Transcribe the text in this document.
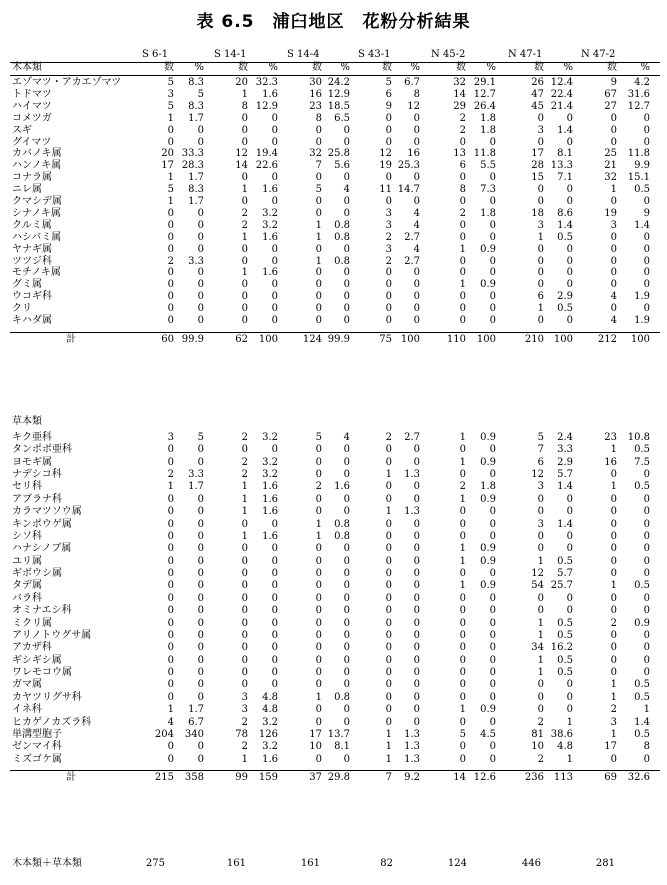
表 6.5　浦臼地区　花粉分析結果
S 6-1	S 14-1	S 14-4	S 43-1	N 45-2	N 47-1	N 47-2
数 %	数 %	数 %	数 %	数 %	数 %	数 %
木本類
エゾマツ・アカエゾマツ	5	8.3	20 32.3	30 24.2	5	6.7	32 29.1	26 12.4	9	4.2
トドマツ	3	5	1	1.6	16 12.9	6	8	14 12.7	47 22.4	67	31.6
ハイマツ	5	8.3	8 12.9	23 18.5	9	12	29 26.4	45 21.4	27	12.7
コメツガ	1	1.7	0	0	8	6.5	0	0	2	1.8	0	0	0	0
スギ	0	0	0	0	0	0	0	0	2	1.8	3	1.4	0	0
グイマツ	0	0	0	0	0	0	0	0	0	0	0	0	0	0
カバノキ属	20 33.3	12 19.4	32 25.8	12	16	13 11.8	17	8.1	25	11.8
ハンノキ属	17 28.3	14 22.6	7	5.6	19 25.3	6	5.5	28 13.3	21	9.9
コナラ属	1	1.7	0	0	0	0	0	0	0	0	15	7.1	32	15.1
ニレ属	5	8.3	1	1.6	5	4	11 14.7	8	7.3	0	0	1	0.5
クマシデ属	1	1.7	0	0	0	0	0	0	0	0	0	0	0	0
シナノキ属	0	0	2	3.2	0	0	3	4	2	1.8	18	8.6	19	9
クルミ属	0	0	2	3.2	1	0.8	3	4	0	0	3	1.4	3	1.4
ハシバミ属	0	0	1	1.6	1	0.8	2	2.7	0	0	1	0.5	0	0
ヤナギ属	0	0	0	0	0	0	3	4	1	0.9	0	0	0	0
ツツジ科	2	3.3	0	0	1	0.8	2	2.7	0	0	0	0	0	0
モチノキ属	0	0	1	1.6	0	0	0	0	0	0	0	0	0	0
グミ属	0	0	0	0	0	0	0	0	1	0.9	0	0	0	0
ウコギ科	0	0	0	0	0	0	0	0	0	0	6	2.9	4	1.9
クリ	0	0	0	0	0	0	0	0	0	0	1	0.5	0	0
キハダ属	0	0	0	0	0	0	0	0	0	0	0	0	4	1.9
計	60 99.9	62	100	124 99.9	75 100	110	100	210 100	212	100
草本類
キク亜科	3	5	2	3.2	5	4	2	2.7	1	0.9	5	2.4	23	10.8
タンポポ亜科	0	0	0	0	0	0	0	0	0	0	7	3.3	1	0.5
ヨモギ属	0	0	2	3.2	0	0	0	0	1	0.9	6	2.9	16	7.5
ナデシコ科	2	3.3	2	3.2	0	0	1	1.3	0	0	12	5.7	0	0
セリ科	1	1.7	1	1.6	2	1.6	0	0	2	1.8	3	1.4	1	0.5
アブラナ科	0	0	1	1.6	0	0	0	0	1	0.9	0	0	0	0
カラマツソウ属	0	0	1	1.6	0	0	1	1.3	0	0	0	0	0	0
キンポウゲ属	0	0	0	0	1	0.8	0	0	0	0	3	1.4	0	0
シソ科	0	0	1	1.6	1	0.8	0	0	0	0	0	0	0	0
ハナシノブ属	0	0	0	0	0	0	0	0	1	0.9	0	0	0	0
ユリ属	0	0	0	0	0	0	0	0	1	0.9	1	0.5	0	0
ギボウシ属	0	0	0	0	0	0	0	0	0	0	12	5.7	0	0
タデ属	0	0	0	0	0	0	0	0	1	0.9	54 25.7	1	0.5
バラ科	0	0	0	0	0	0	0	0	0	0	0	0	0	0
オミナエシ科	0	0	0	0	0	0	0	0	0	0	0	0	0	0
ミクリ属	0	0	0	0	0	0	0	0	0	0	1	0.5	2	0.9
アリノトウグサ属	0	0	0	0	0	0	0	0	0	0	1	0.5	0	0
アカザ科	0	0	0	0	0	0	0	0	0	0	34 16.2	0	0
ギシギシ属	0	0	0	0	0	0	0	0	0	0	1	0.5	0	0
ワレモコウ属	0	0	0	0	0	0	0	0	0	0	1	0.5	0	0
ガマ属	0	0	0	0	0	0	0	0	0	0	0	0	1	0.5
カヤツリグサ科	0	0	3	4.8	1	0.8	0	0	0	0	0	0	1	0.5
イネ科	1	1.7	3	4.8	0	0	0	0	1	0.9	0	0	2	1
ヒカゲノカズラ科	4	6.7	2	3.2	0	0	0	0	0	0	2	1	3	1.4
単溝型胞子	204	340	78	126	17 13.7	1	1.3	5	4.5	81 38.6	1	0.5
ゼンマイ科	0	0	2	3.2	10	8.1	1	1.3	0	0	10	4.8	17	8
ミズゴケ属	0	0	1	1.6	0	0	1	1.3	0	0	2	1	0	0
計	215	358	99	159	37 29.8	7	9.2	14 12.6	236 113	69	32.6
木本類＋草本類	275	161	161	82	124	446	281
